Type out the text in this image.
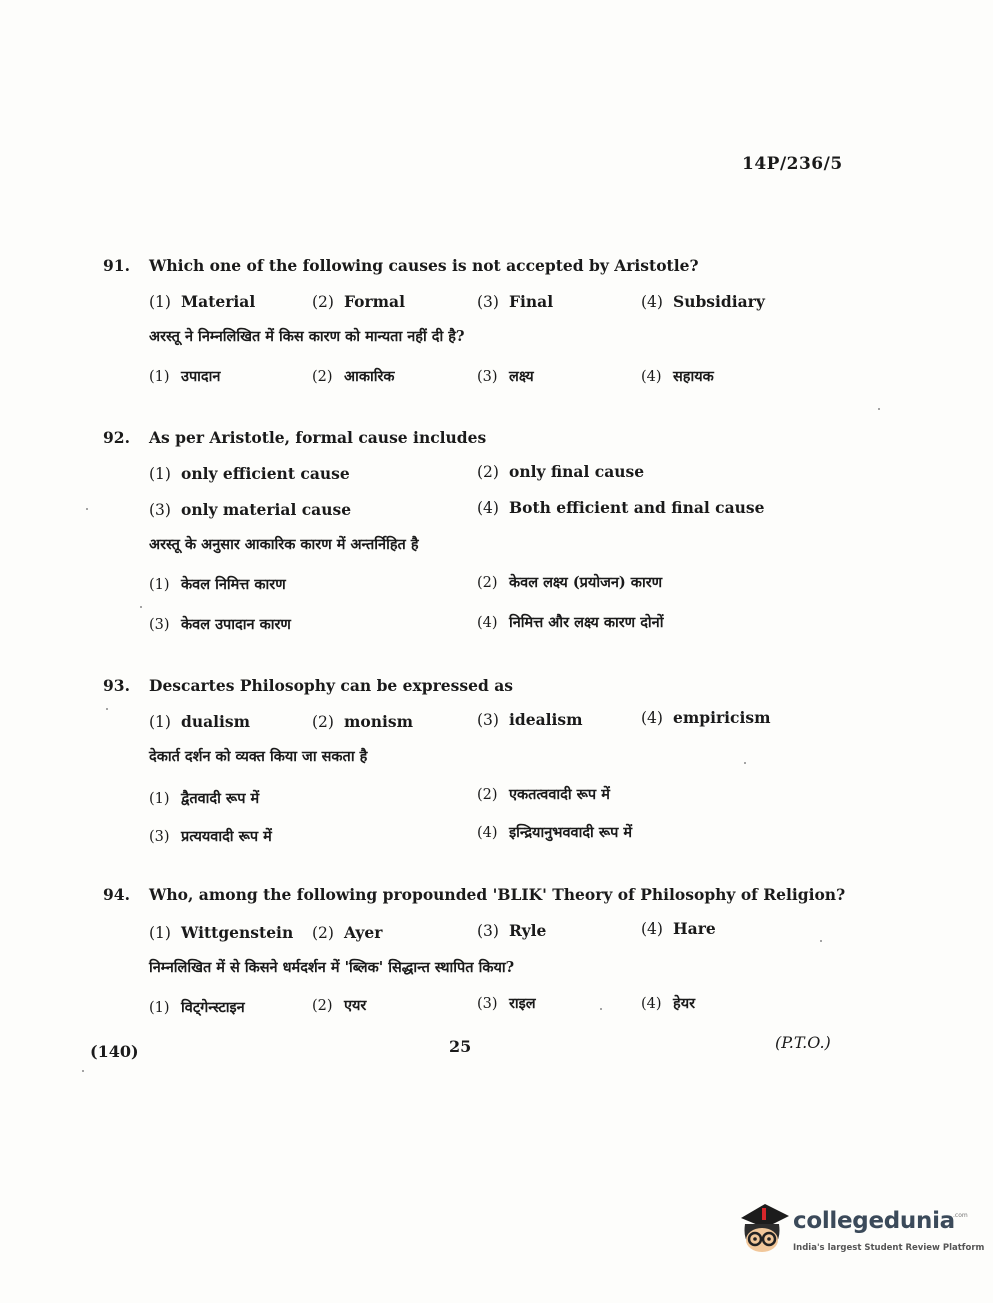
14P/236/5
91. Which one of the following causes is not accepted by Aristotle?
(1) Material	(2) Formal	(3) Final	(4) Subsidiary
अरस्तू ने निम्नलिखित में किस कारण को मान्यता नहीं दी है?
(1) उपादान	(2) आकारिक	(3) लक्ष्य	(4) सहायक
92. As per Aristotle, formal cause includes
(1) only efficient cause	(2) only final cause
(3) only material cause	(4) Both efficient and final cause
अरस्तू के अनुसार आकारिक कारण में अन्तर्निहित है
(1) केवल निमित्त कारण	(2) केवल लक्ष्य (प्रयोजन) कारण
(3) केवल उपादान कारण	(4) निमित्त और लक्ष्य कारण दोनों
93. Descartes Philosophy can be expressed as
(1) dualism	(2) monism	(3) idealism	(4) empiricism
देकार्त दर्शन को व्यक्त किया जा सकता है
(1) द्वैतवादी रूप में	(2) एकतत्ववादी रूप में
(3) प्रत्ययवादी रूप में	(4) इन्द्रियानुभववादी रूप में
94. Who, among the following propounded 'BLIK' Theory of Philosophy of Religion?
(1) Wittgenstein (2) Ayer	(3) Ryle	(4) Hare
निम्नलिखित में से किसने धर्मदर्शन में 'ब्लिक' सिद्धान्त स्थापित किया?
(1) विट्गेन्स्टाइन	(2) एयर	(3) राइल	(4) हेयर
(140)	25	(P.T.O.)
collegedunia
.com
India's largest Student Review Platform
